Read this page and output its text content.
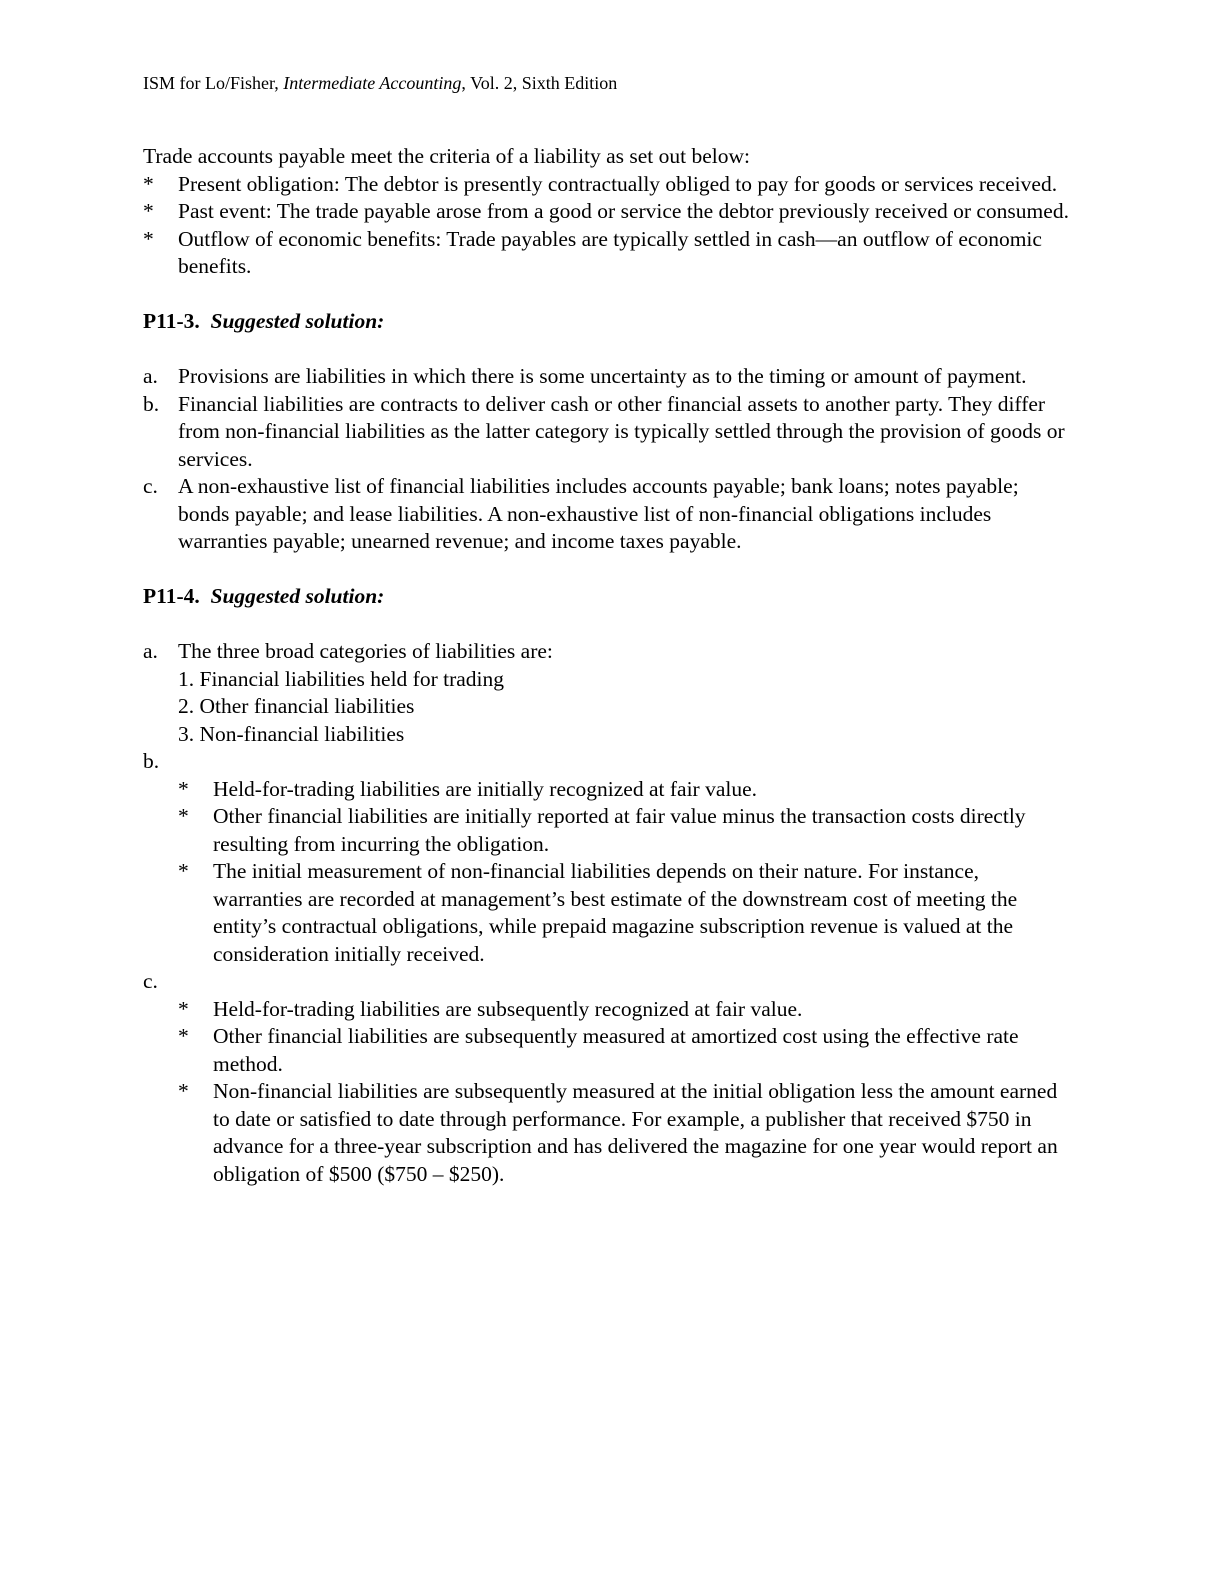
ISM for Lo/Fisher, Intermediate Accounting, Vol. 2, Sixth Edition

Trade accounts payable meet the criteria of a liability as set out below:

*	Present obligation: The debtor is presently contractually obliged to pay for goods or services received.
*	Past event: The trade payable arose from a good or service the debtor previously received or consumed.
*	Outflow of economic benefits: Trade payables are typically settled in cash—an outflow of economic benefits.

P11-3. Suggested solution:

a. Provisions are liabilities in which there is some uncertainty as to the timing or amount of payment.
b. Financial liabilities are contracts to deliver cash or other financial assets to another party. They differ from non-financial liabilities as the latter category is typically settled through the provision of goods or services.
c. A non-exhaustive list of financial liabilities includes accounts payable; bank loans; notes payable; bonds payable; and lease liabilities. A non-exhaustive list of non-financial obligations includes warranties payable; unearned revenue; and income taxes payable.

P11-4. Suggested solution:

a. The three broad categories of liabilities are:

1. Financial liabilities held for trading

2. Other financial liabilities

3. Non-financial liabilities

b.

*	Held-for-trading liabilities are initially recognized at fair value.
*	Other financial liabilities are initially reported at fair value minus the transaction costs directly resulting from incurring the obligation.
*	The initial measurement of non-financial liabilities depends on their nature. For instance, warranties are recorded at management’s best estimate of the downstream cost of meeting the entity’s contractual obligations, while prepaid magazine subscription revenue is valued at the consideration initially received.

c.

*	Held-for-trading liabilities are subsequently recognized at fair value.
*	Other financial liabilities are subsequently measured at amortized cost using the effective rate method.
*	Non-financial liabilities are subsequently measured at the initial obligation less the amount earned to date or satisfied to date through performance. For example, a publisher that received $750 in advance for a three-year subscription and has delivered the magazine for one year would report an obligation of $500 ($750 – $250).
